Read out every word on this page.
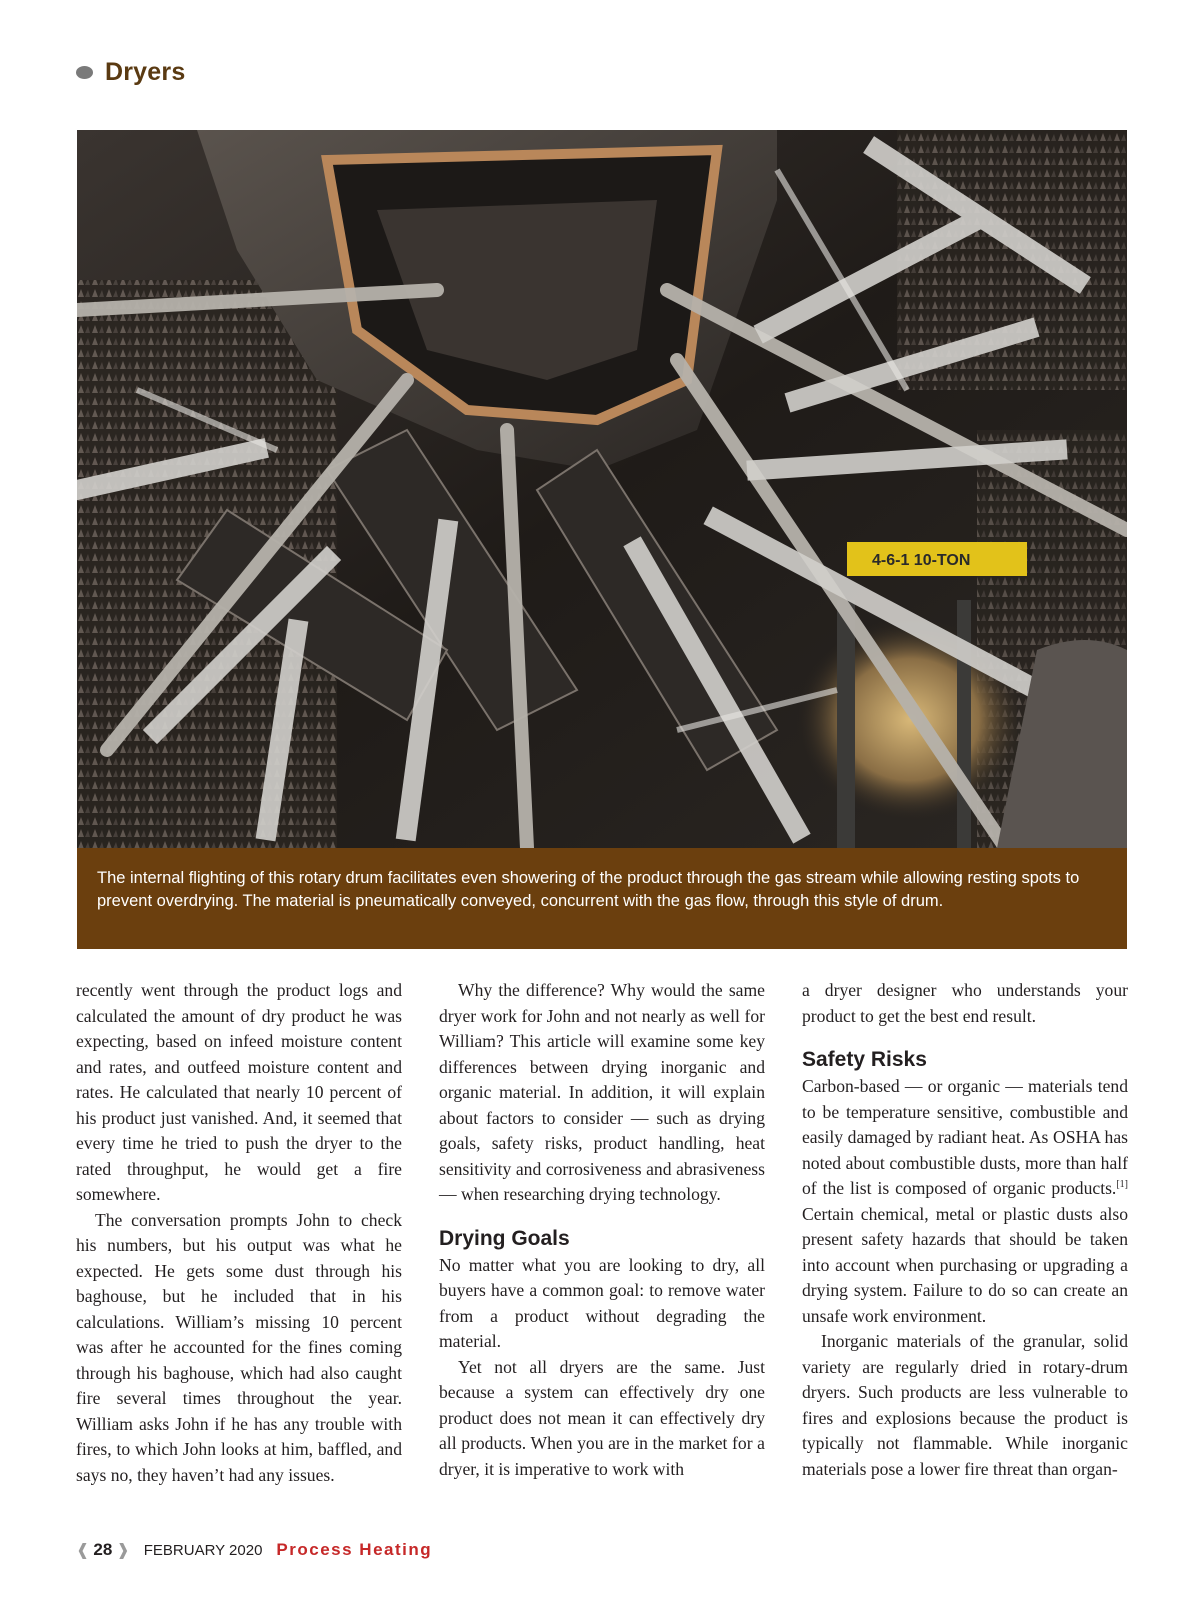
Dryers
4-6-1 10-TON

The internal flighting of this rotary drum facilitates even showering of the product through the gas stream while allowing resting spots to prevent overdrying. The material is pneumatically conveyed, concurrent with the gas flow, through this style of drum.

recently went through the product logs and calculated the amount of dry product he was expecting, based on infeed moisture content and rates, and outfeed moisture content and rates. He calculated that nearly 10 percent of his product just vanished. And, it seemed that every time he tried to push the dryer to the rated throughput, he would get a fire somewhere.

The conversation prompts John to check his numbers, but his output was what he expected. He gets some dust through his baghouse, but he included that in his calculations. William’s missing 10 percent was after he accounted for the fines coming through his baghouse, which had also caught fire several times throughout the year. William asks John if he has any trouble with fires, to which John looks at him, baffled, and says no, they haven’t had any issues.

Why the difference? Why would the same dryer work for John and not nearly as well for William? This article will examine some key differences between drying inorganic and organic material. In addition, it will explain about factors to consider — such as drying goals, safety risks, product handling, heat sensitivity and corrosiveness and abrasiveness — when researching drying technology.

Drying Goals

No matter what you are looking to dry, all buyers have a common goal: to remove water from a product without degrading the material.

Yet not all dryers are the same. Just because a system can effectively dry one product does not mean it can effectively dry all products. When you are in the market for a dryer, it is imperative to work with

a dryer designer who understands your product to get the best end result.

Safety Risks

Carbon-based — or organic — materials tend to be temperature sensitive, combustible and easily damaged by radiant heat. As OSHA has noted about combustible dusts, more than half of the list is composed of organic products.[1] Certain chemical, metal or plastic dusts also present safety hazards that should be taken into account when purchasing or upgrading a drying system. Failure to do so can create an unsafe work environment.

Inorganic materials of the granular, solid variety are regularly dried in rotary-drum dryers. Such products are less vulnerable to fires and explosions because the product is typically not flammable. While inorganic materials pose a lower fire threat than organ-

❰ 28 ❱ FEBRUARY 2020 Process Heating
